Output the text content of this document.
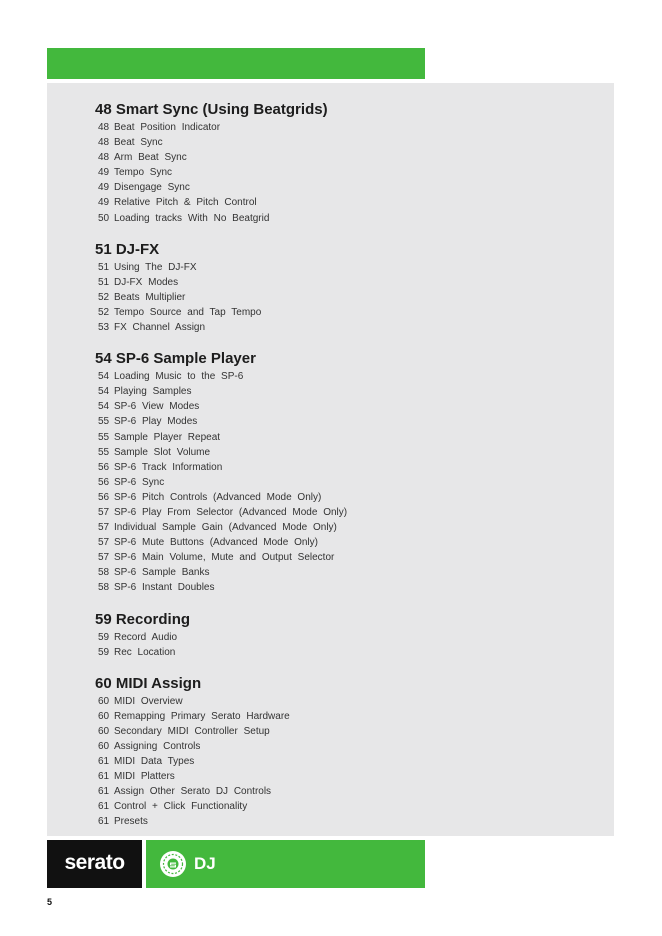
48 Smart Sync (Using Beatgrids)
48 Beat Position Indicator
48 Beat Sync
48 Arm Beat Sync
49 Tempo Sync
49 Disengage Sync
49 Relative Pitch & Pitch Control
50 Loading tracks With No Beatgrid
51 DJ-FX
51 Using The DJ-FX
51 DJ-FX Modes
52 Beats Multiplier
52 Tempo Source and Tap Tempo
53 FX Channel Assign
54 SP-6 Sample Player
54 Loading Music to the SP-6
54 Playing Samples
54 SP-6 View Modes
55 SP-6 Play Modes
55 Sample Player Repeat
55 Sample Slot Volume
56 SP-6 Track Information
56 SP-6 Sync
56 SP-6 Pitch Controls (Advanced Mode Only)
57 SP-6 Play From Selector (Advanced Mode Only)
57 Individual Sample Gain (Advanced Mode Only)
57 SP-6 Mute Buttons (Advanced Mode Only)
57 SP-6 Main Volume, Mute and Output Selector
58 SP-6 Sample Banks
58 SP-6 Instant Doubles
59 Recording
59 Record Audio
59 Rec Location
60 MIDI Assign
60 MIDI Overview
60 Remapping Primary Serato Hardware
60 Secondary MIDI Controller Setup
60 Assigning Controls
61 MIDI Data Types
61 MIDI Platters
61 Assign Other Serato DJ Controls
61 Control + Click Functionality
61 Presets
serato	DJ
5
